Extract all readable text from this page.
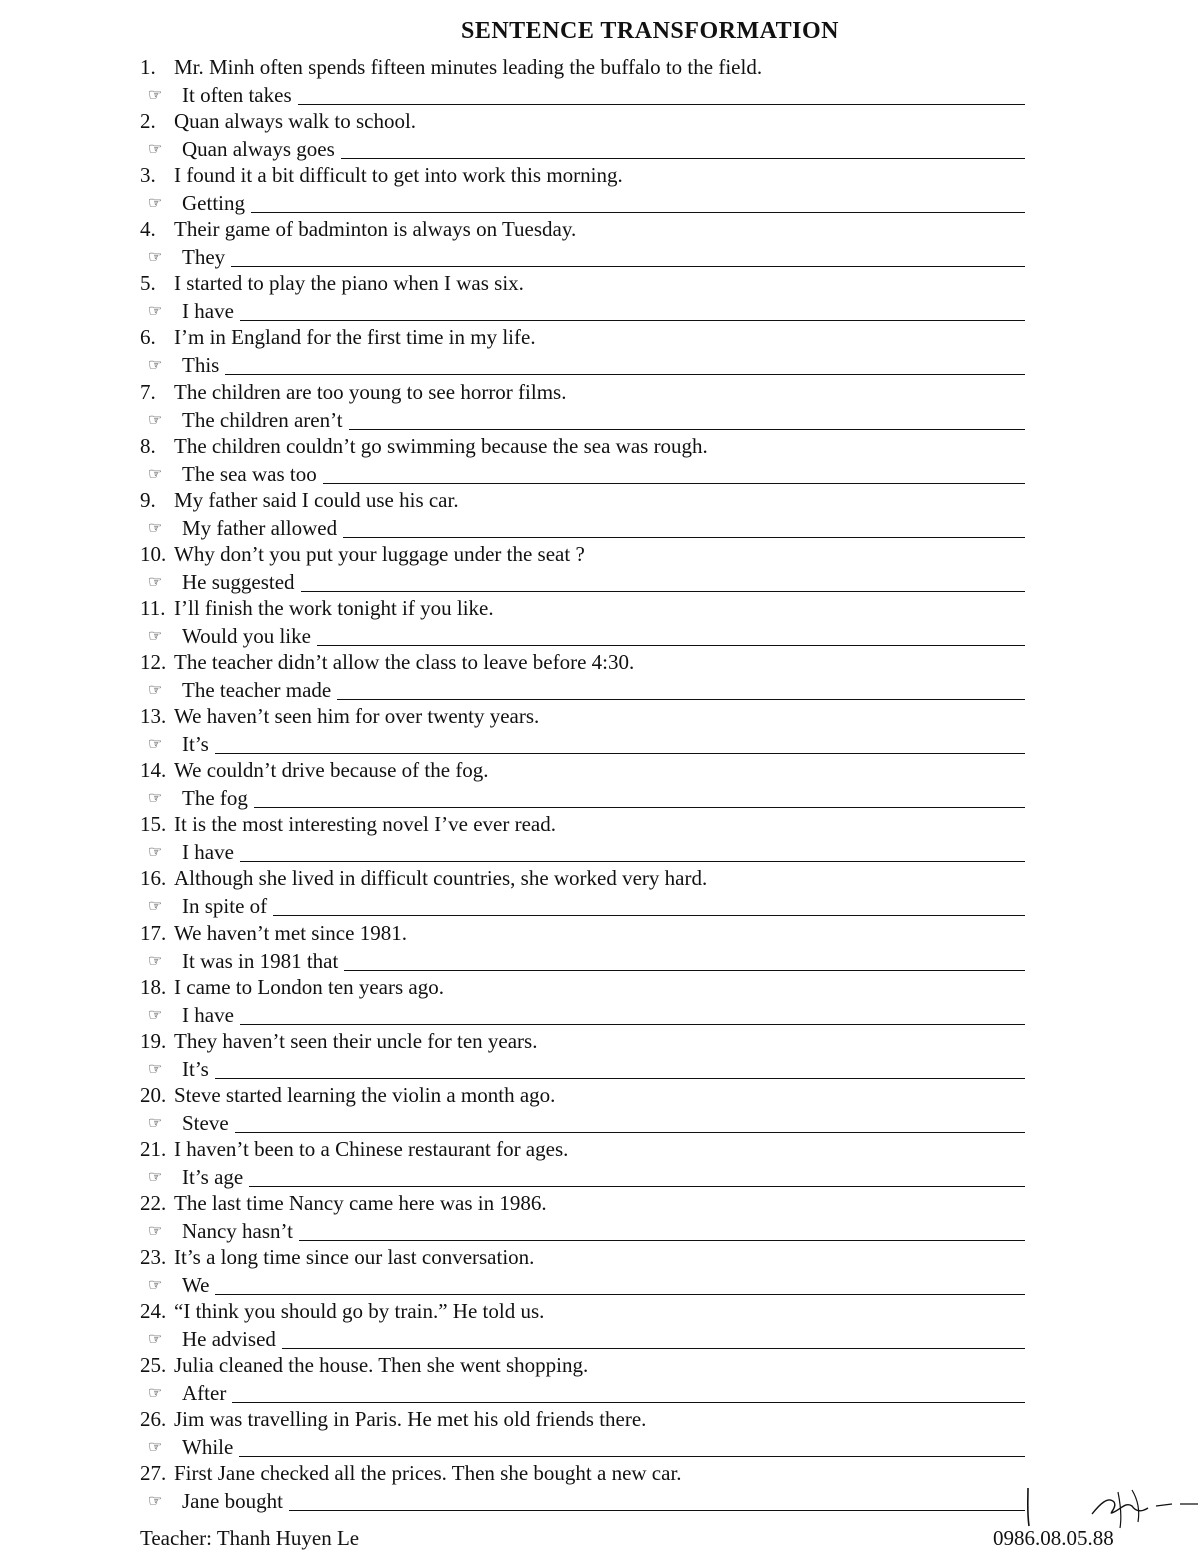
SENTENCE TRANSFORMATION
1. Mr. Minh often spends fifteen minutes leading the buffalo to the field.
☞ It often takes
2. Quan always walk to school.
☞ Quan always goes
3. I found it a bit difficult to get into work this morning.
☞ Getting
4. Their game of badminton is always on Tuesday.
☞ They
5. I started to play the piano when I was six.
☞ I have
6. I’m in England for the first time in my life.
☞ This
7. The children are too young to see horror films.
☞ The children aren’t
8. The children couldn’t go swimming because the sea was rough.
☞ The sea was too
9. My father said I could use his car.
☞ My father allowed
10. Why don’t you put your luggage under the seat ?
☞ He suggested
11. I’ll finish the work tonight if you like.
☞ Would you like
12. The teacher didn’t allow the class to leave before 4:30.
☞ The teacher made
13. We haven’t seen him for over twenty years.
☞ It’s
14. We couldn’t drive because of the fog.
☞ The fog
15. It is the most interesting novel I’ve ever read.
☞ I have
16. Although she lived in difficult countries, she worked very hard.
☞ In spite of
17. We haven’t met since 1981.
☞ It was in 1981 that
18. I came to London ten years ago.
☞ I have
19. They haven’t seen their uncle for ten years.
☞ It’s
20. Steve started learning the violin a month ago.
☞ Steve
21. I haven’t been to a Chinese restaurant for ages.
☞ It’s age
22. The last time Nancy came here was in 1986.
☞ Nancy hasn’t
23. It’s a long time since our last conversation.
☞ We
24. “I think you should go by train.” He told us.
☞ He advised
25. Julia cleaned the house. Then she went shopping.
☞ After
26. Jim was travelling in Paris. He met his old friends there.
☞ While
27. First Jane checked all the prices. Then she bought a new car.
☞ Jane bought
Teacher: Thanh Huyen Le	0986.08.05.88
